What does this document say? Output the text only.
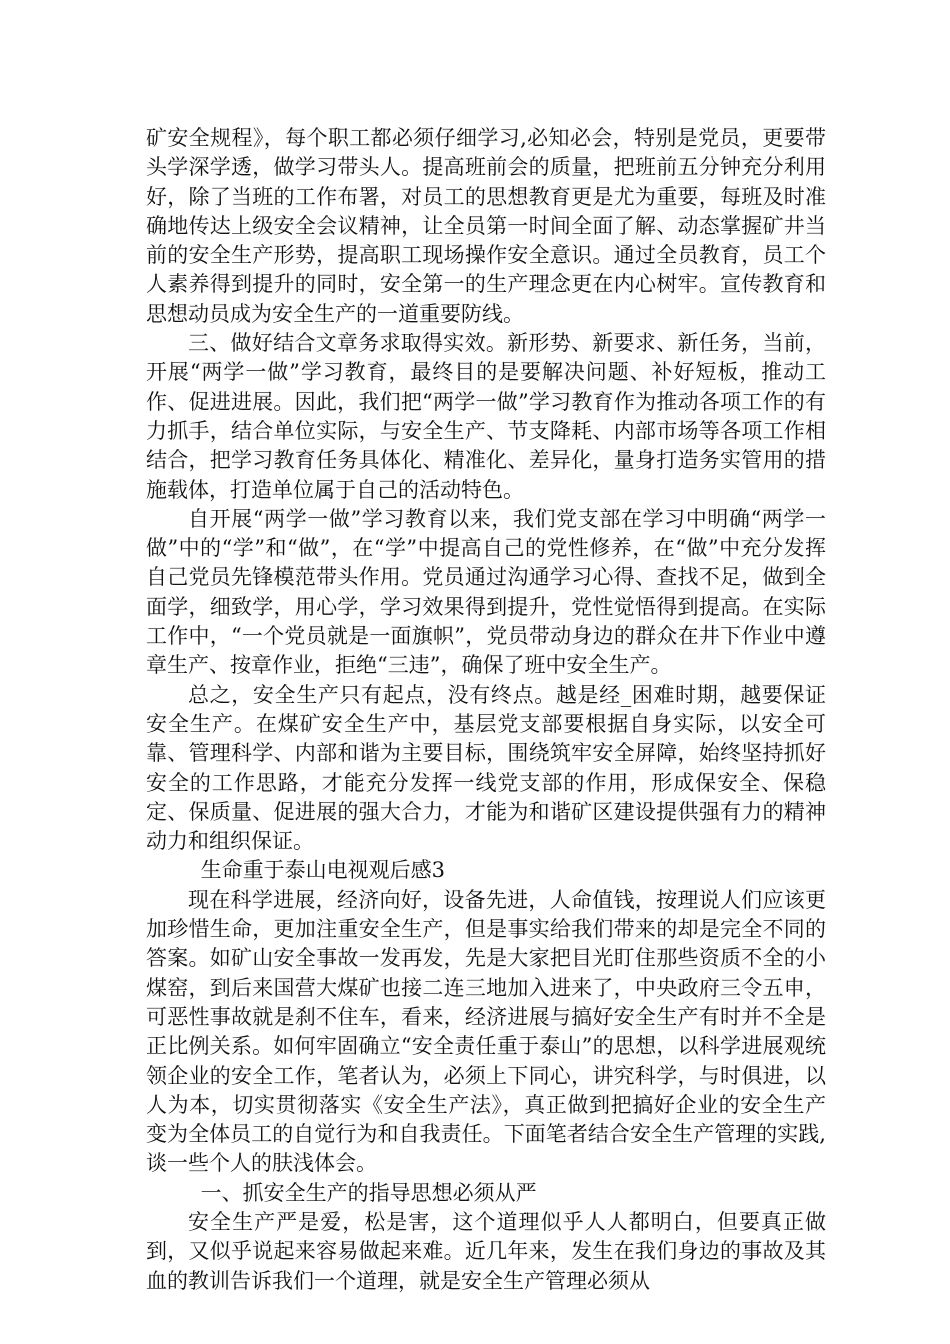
矿安全规程》，每个职工都必须仔细学习,必知必会，特别是党员，更要带头学深学透，做学习带头人。提高班前会的质量，把班前五分钟充分利用好，除了当班的工作布署，对员工的思想教育更是尤为重要，每班及时准确地传达上级安全会议精神，让全员第一时间全面了解、动态掌握矿井当前的安全生产形势，提高职工现场操作安全意识。通过全员教育，员工个人素养得到提升的同时，安全第一的生产理念更在内心树牢。宣传教育和思想动员成为安全生产的一道重要防线。

三、做好结合文章务求取得实效。新形势、新要求、新任务，当前，开展“两学一做”学习教育，最终目的是要解决问题、补好短板，推动工作、促进进展。因此，我们把“两学一做”学习教育作为推动各项工作的有力抓手，结合单位实际，与安全生产、节支降耗、内部市场等各项工作相结合，把学习教育任务具体化、精准化、差异化，量身打造务实管用的措施载体，打造单位属于自己的活动特色。

自开展“两学一做”学习教育以来，我们党支部在学习中明确“两学一做”中的“学”和“做”，在“学”中提高自己的党性修养，在“做”中充分发挥自己党员先锋模范带头作用。党员通过沟通学习心得、查找不足，做到全面学，细致学，用心学，学习效果得到提升，党性觉悟得到提高。在实际工作中，“一个党员就是一面旗帜”，党员带动身边的群众在井下作业中遵章生产、按章作业，拒绝“三违”，确保了班中安全生产。

总之，安全生产只有起点，没有终点。越是经_困难时期，越要保证安全生产。在煤矿安全生产中，基层党支部要根据自身实际，以安全可靠、管理科学、内部和谐为主要目标，围绕筑牢安全屏障，始终坚持抓好安全的工作思路，才能充分发挥一线党支部的作用，形成保安全、保稳定、保质量、促进展的强大合力，才能为和谐矿区建设提供强有力的精神动力和组织保证。

生命重于泰山电视观后感3

现在科学进展，经济向好，设备先进，人命值钱，按理说人们应该更加珍惜生命，更加注重安全生产，但是事实给我们带来的却是完全不同的答案。如矿山安全事故一发再发，先是大家把目光盯住那些资质不全的小煤窑，到后来国营大煤矿也接二连三地加入进来了，中央政府三令五申，可恶性事故就是刹不住车，看来，经济进展与搞好安全生产有时并不全是正比例关系。如何牢固确立“安全责任重于泰山”的思想，以科学进展观统领企业的安全工作，笔者认为，必须上下同心，讲究科学，与时俱进，以人为本，切实贯彻落实《安全生产法》，真正做到把搞好企业的安全生产变为全体员工的自觉行为和自我责任。下面笔者结合安全生产管理的实践,谈一些个人的肤浅体会。

一、抓安全生产的指导思想必须从严

安全生产严是爱，松是害，这个道理似乎人人都明白，但要真正做到，又似乎说起来容易做起来难。近几年来，发生在我们身边的事故及其血的教训告诉我们一个道理，就是安全生产管理必须从
